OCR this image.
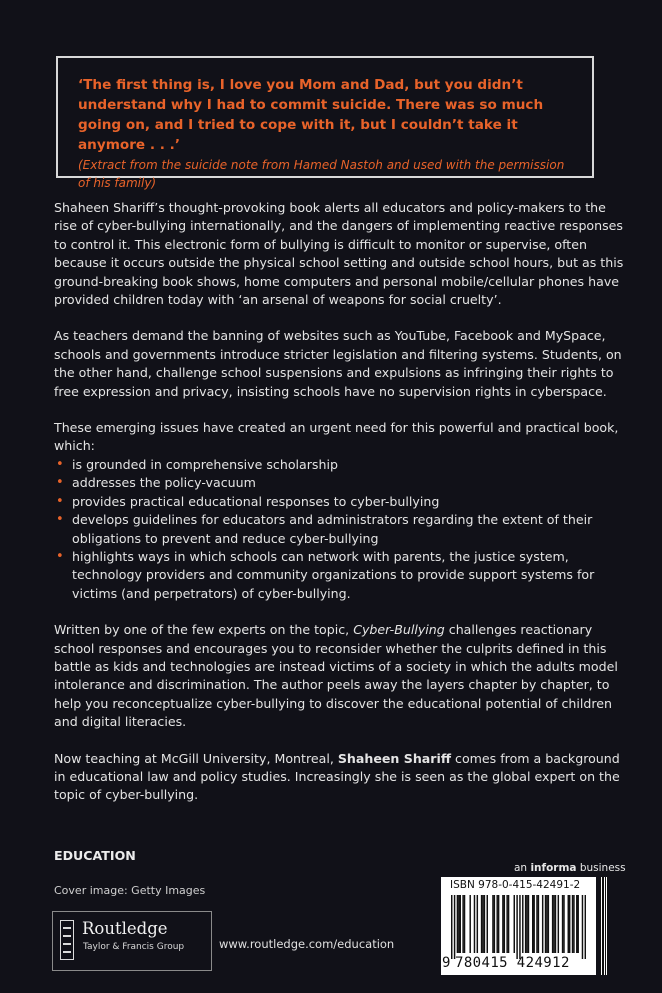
‘The first thing is, I love you Mom and Dad, but you didn’t understand why I had to commit suicide. There was so much going on, and I tried to cope with it, but I couldn’t take it anymore . . .’

(Extract from the suicide note from Hamed Nastoh and used with the permission of his family)

Shaheen Shariff’s thought-provoking book alerts all educators and policy-makers to the rise of cyber-bullying internationally, and the dangers of implementing reactive responses to control it. This electronic form of bullying is difficult to monitor or supervise, often because it occurs outside the physical school setting and outside school hours, but as this ground-breaking book shows, home computers and personal mobile/cellular phones have provided children today with ‘an arsenal of weapons for social cruelty’.

As teachers demand the banning of websites such as YouTube, Facebook and MySpace, schools and governments introduce stricter legislation and filtering systems. Students, on the other hand, challenge school suspensions and expulsions as infringing their rights to free expression and privacy, insisting schools have no supervision rights in cyberspace.

These emerging issues have created an urgent need for this powerful and practical book, which:

• is grounded in comprehensive scholarship
• addresses the policy-vacuum
• provides practical educational responses to cyber-bullying
• develops guidelines for educators and administrators regarding the extent of their obligations to prevent and reduce cyber-bullying
• highlights ways in which schools can network with parents, the justice system, technology providers and community organizations to provide support systems for victims (and perpetrators) of cyber-bullying.

Written by one of the few experts on the topic, Cyber-Bullying challenges reactionary school responses and encourages you to reconsider whether the culprits defined in this battle as kids and technologies are instead victims of a society in which the adults model intolerance and discrimination. The author peels away the layers chapter by chapter, to help you reconceptualize cyber-bullying to discover the educational potential of children and digital literacies.

Now teaching at McGill University, Montreal, Shaheen Shariff comes from a background in educational law and policy studies. Increasingly she is seen as the global expert on the topic of cyber-bullying.

EDUCATION
Cover image: Getty Images
Routledge
Taylor & Francis Group	www.routledge.com/education
an informa business
ISBN 978-0-415-42491-2
9 780415 424912
